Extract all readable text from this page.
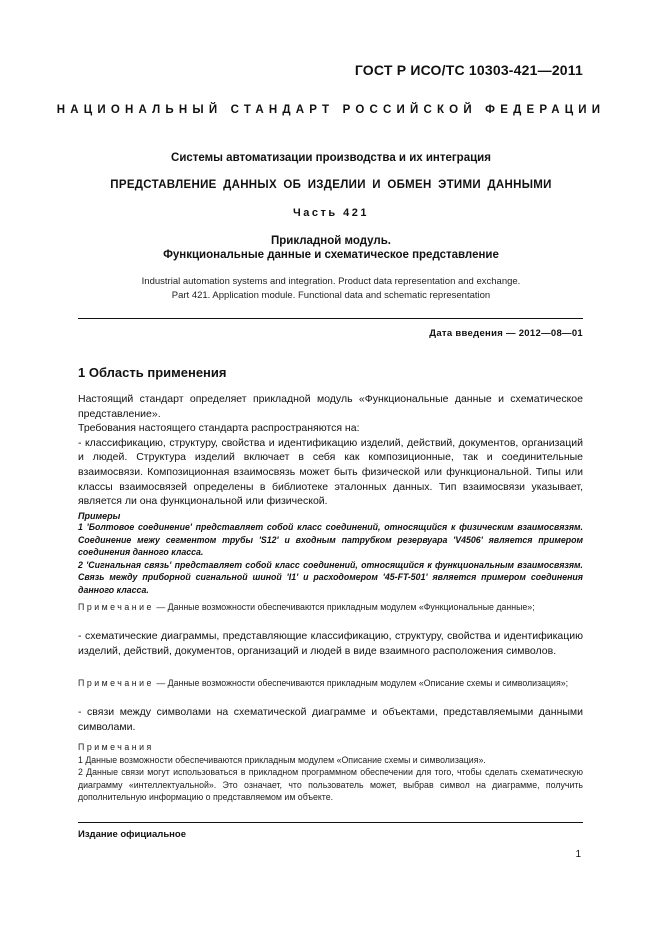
ГОСТ Р ИСО/ТС 10303-421—2011
НАЦИОНАЛЬНЫЙ СТАНДАРТ РОССИЙСКОЙ ФЕДЕРАЦИИ
Системы автоматизации производства и их интеграция
ПРЕДСТАВЛЕНИЕ ДАННЫХ ОБ ИЗДЕЛИИ И ОБМЕН ЭТИМИ ДАННЫМИ
Часть 421
Прикладной модуль.
Функциональные данные и схематическое представление
Industrial automation systems and integration. Product data representation and exchange.
Part 421. Application module. Functional data and schematic representation
Дата введения — 2012—08—01
1 Область применения

Настоящий стандарт определяет прикладной модуль «Функциональные данные и схематическое представление».

Требования настоящего стандарта распространяются на:

- классификацию, структуру, свойства и идентификацию изделий, действий, документов, организаций и людей. Структура изделий включает в себя как композиционные, так и соединительные взаимосвязи. Композиционная взаимосвязь может быть физической или функциональной. Типы или классы взаимосвязей определены в библиотеке эталонных данных. Тип взаимосвязи указывает, является ли она функциональной или физической.

Примеры

1 'Болтовое соединение' представляет собой класс соединений, относящийся к физическим взаимосвязям. Соединение межу сегментом трубы 'S12' и входным патрубком резервуара 'V4506' является примером соединения данного класса.

2 'Сигнальная связь' представляет собой класс соединений, относящийся к функциональным взаимосвязям. Связь между приборной сигнальной шиной 'I1' и расходомером '45-FT-501' является примером соединения данного класса.

Примечание — Данные возможности обеспечиваются прикладным модулем «Функциональные данные»;

- схематические диаграммы, представляющие классификацию, структуру, свойства и идентификацию изделий, действий, документов, организаций и людей в виде взаимного расположения символов.

Примечание — Данные возможности обеспечиваются прикладным модулем «Описание схемы и символизация»;

- связи между символами на схематической диаграмме и объектами, представляемыми данными символами.

Примечания

1 Данные возможности обеспечиваются прикладным модулем «Описание схемы и символизация».

2 Данные связи могут использоваться в прикладном программном обеспечении для того, чтобы сделать схематическую диаграмму «интеллектуальной». Это означает, что пользователь может, выбрав символ на диаграмме, получить дополнительную информацию о представляемом им объекте.

Издание официальное
1
